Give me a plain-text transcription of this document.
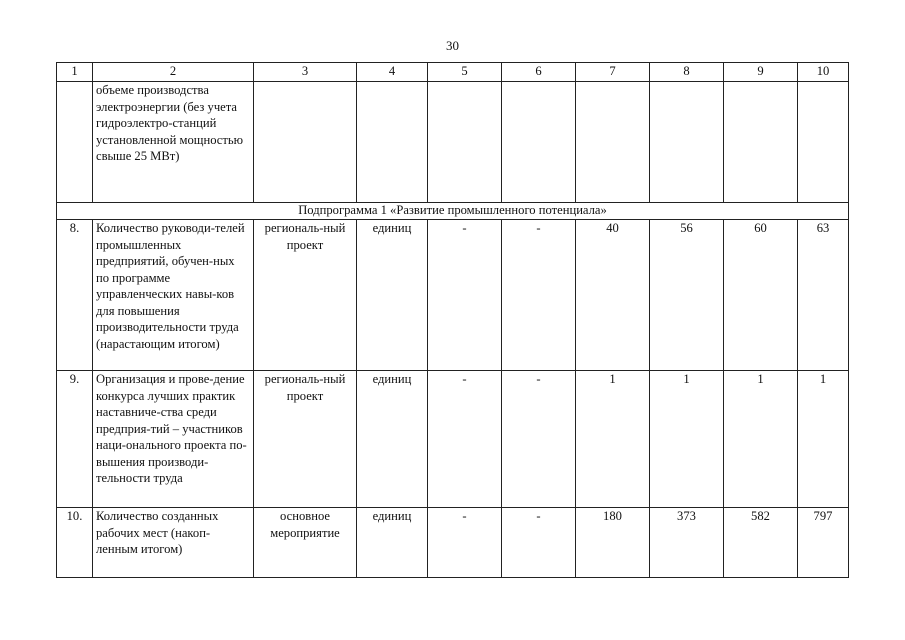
30
1	2	3	4	5	6	7	8	9	10
	объеме производства электроэнергии (без учета гидроэлектро-станций установленной мощностью свыше 25 МВт)								
Подпрограмма 1 «Развитие промышленного потенциала»									
8.	Количество руководи-телей промышленных предприятий, обучен-ных по программе управленческих навы-ков для повышения производительности труда (нарастающим итогом)	региональ-ный проект	единиц	-	-	40	56	60	63
9.	Организация и прове-дение конкурса лучших практик наставниче-ства среди предприя-тий – участников наци-онального проекта по-вышения производи-тельности труда	региональ-ный проект	единиц	-	-	1	1	1	1
10.	Количество созданных рабочих мест (накоп-ленным итогом)	основное мероприятие	единиц	-	-	180	373	582	797
